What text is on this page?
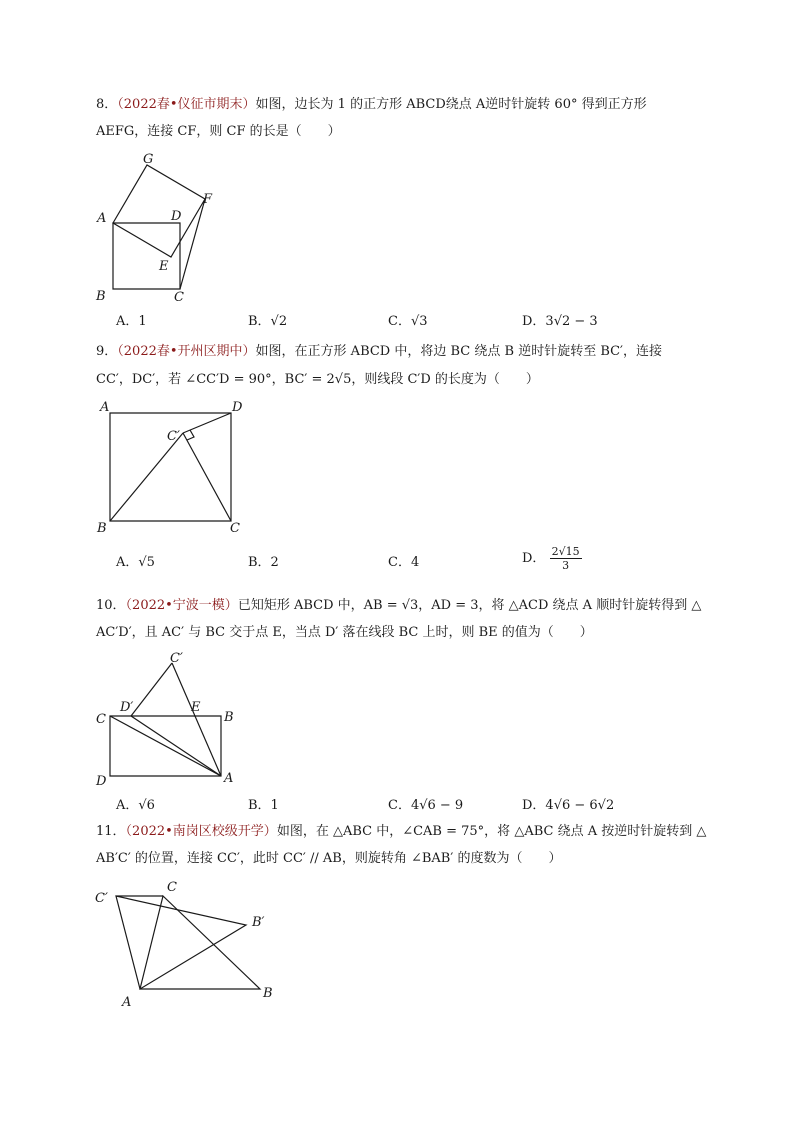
8．（2022春•仪征市期末）如图，边长为 1 的正方形 ABCD绕点 A逆时针旋转 60° 得到正方形
AEFG，连接 CF，则 CF 的长是（　　）
A
B	C
D
E
F
G
A．1	B．√2	C．√3	D．3√2 − 3
9．（2022春•开州区期中）如图，在正方形 ABCD 中，将边 BC 绕点 B 逆时针旋转至 BC′，连接
CC′，DC′，若 ∠CC′D = 90°，BC′ = 2√5，则线段 C′D 的长度为（　　）
A
B	C
D
C′
A．√5	B．2	C．4	D． $\frac{2√15}{3}$
10．（2022•宁波一模）已知矩形 ABCD 中，AB = √3，AD = 3，将 △ACD 绕点 A 顺时针旋转得到 △
AC′D′，且 AC′ 与 BC 交于点 E，当点 D′ 落在线段 BC 上时，则 BE 的值为（　　）
C	B
D	A
E
D′
C′
A．√6	B．1	C．4√6 − 9	D．4√6 − 6√2
11．（2022•南岗区校级开学）如图，在 △ABC 中，∠CAB = 75°，将 △ABC 绕点 A 按逆时针旋转到 △
AB′C′ 的位置，连接 CC′，此时 CC′ // AB，则旋转角 ∠BAB′ 的度数为（　　）
A
B
C
B′
C′
